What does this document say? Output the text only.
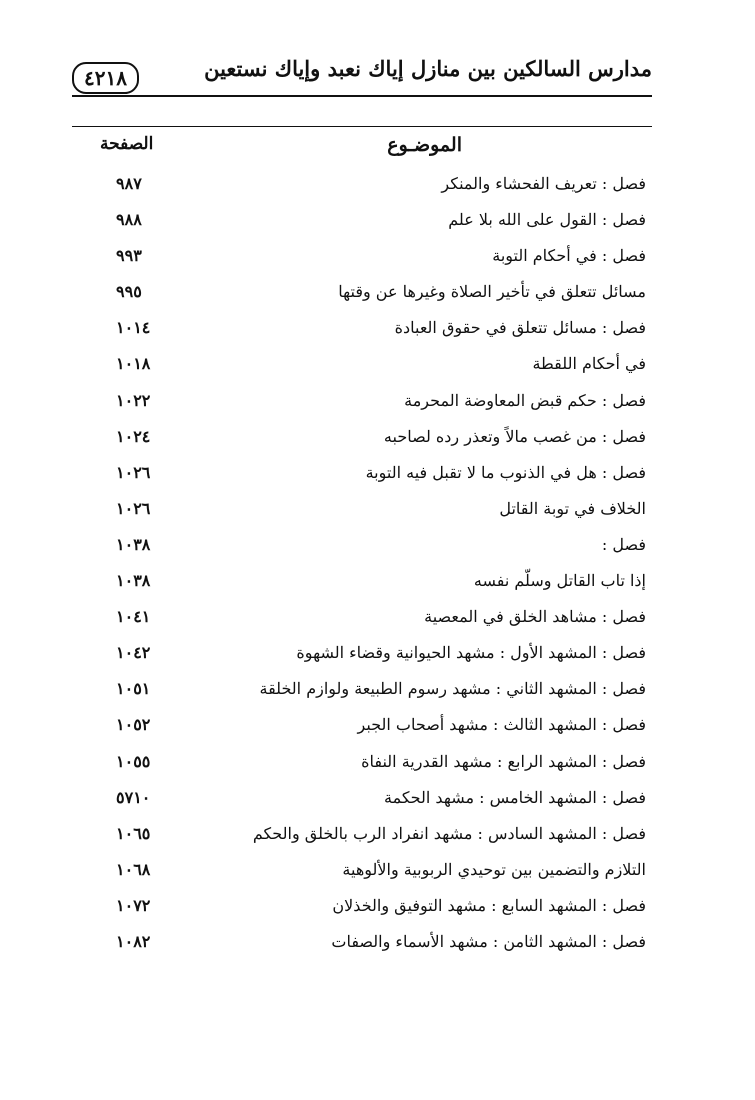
مدارس السالكين بين منازل إياك نعبد وإياك نستعين
٤٢١٨
الموضـوع
الصفحة
فصل : تعريف الفحشاء والمنكر
٩٨٧
فصل : القول على الله بلا علم
٩٨٨
فصل : في أحكام التوبة
٩٩٣
مسائل تتعلق في تأخير الصلاة وغيرها عن وقتها
٩٩٥
فصل : مسائل تتعلق في حقوق العبادة
١٠١٤
في أحكام اللقطة
١٠١٨
فصل : حكم قبض المعاوضة المحرمة
١٠٢٢
فصل : من غصب مالاً وتعذر رده لصاحبه
١٠٢٤
فصل : هل في الذنوب ما لا تقبل فيه التوبة
١٠٢٦
الخلاف في توبة القاتل
١٠٢٦
فصل :
١٠٣٨
إذا تاب القاتل وسلّم نفسه
١٠٣٨
فصل : مشاهد الخلق في المعصية
١٠٤١
فصل : المشهد الأول : مشهد الحيوانية وقضاء الشهوة
١٠٤٢
فصل : المشهد الثاني : مشهد رسوم الطبيعة ولوازم الخلقة
١٠٥١
فصل : المشهد الثالث : مشهد أصحاب الجبر
١٠٥٢
فصل : المشهد الرابع : مشهد القدرية النفاة
١٠٥٥
فصل : المشهد الخامس : مشهد الحكمة
٥٧١٠
فصل : المشهد السادس : مشهد انفراد الرب بالخلق والحكم
١٠٦٥
التلازم والتضمين بين توحيدي الربوبية والألوهية
١٠٦٨
فصل : المشهد السابع : مشهد التوفيق والخذلان
١٠٧٢
فصل : المشهد الثامن : مشهد الأسماء والصفات
١٠٨٢
